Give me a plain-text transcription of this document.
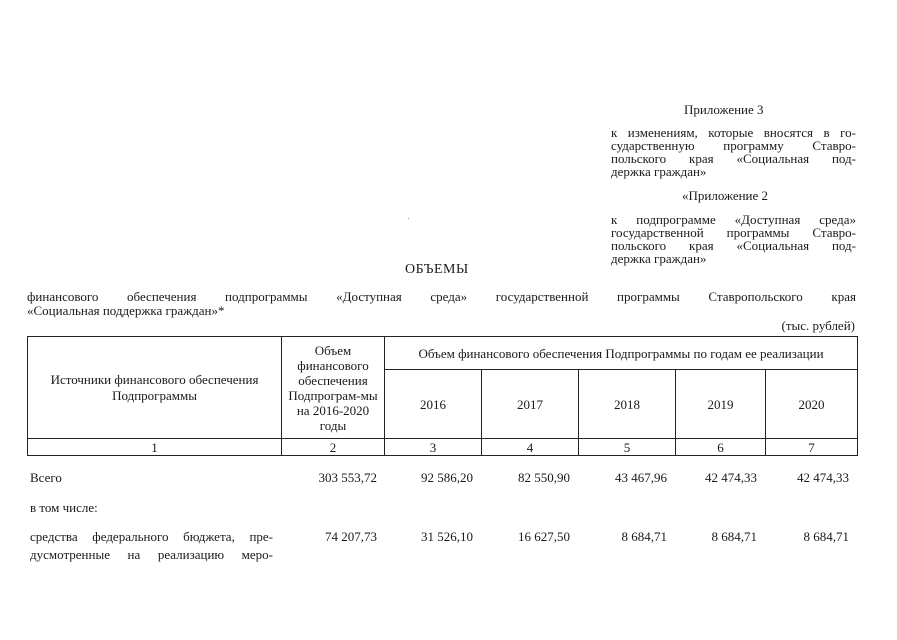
Приложение 3
к изменениям, которые вносятся в го-
сударственную программу Ставро-
польского края «Социальная под-
держка граждан»
«Приложение 2
к подпрограмме «Доступная среда»
государственной программы Ставро-
польского края «Социальная под-
держка граждан»
ОБЪЕМЫ
финансового обеспечения подпрограммы «Доступная среда» государственной программы Ставропольского края
«Социальная поддержка граждан»*
(тыс. рублей)
Источники финансового обеспечения Подпрограммы	Объем финансового обеспечения Подпрограм-мы на 2016-2020 годы	Объем финансового обеспечения Подпрограммы по годам ее реализации				
		2016	2017	2018	2019	2020
1	2	3	4	5	6	7
Всего	303 553,72	92 586,20	82 550,90	43 467,96	42 474,33	42 474,33
в том числе:
средства федерального бюджета, пре-
дусмотренные на реализацию меро-
74 207,73	31 526,10	16 627,50	8 684,71	8 684,71	8 684,71
